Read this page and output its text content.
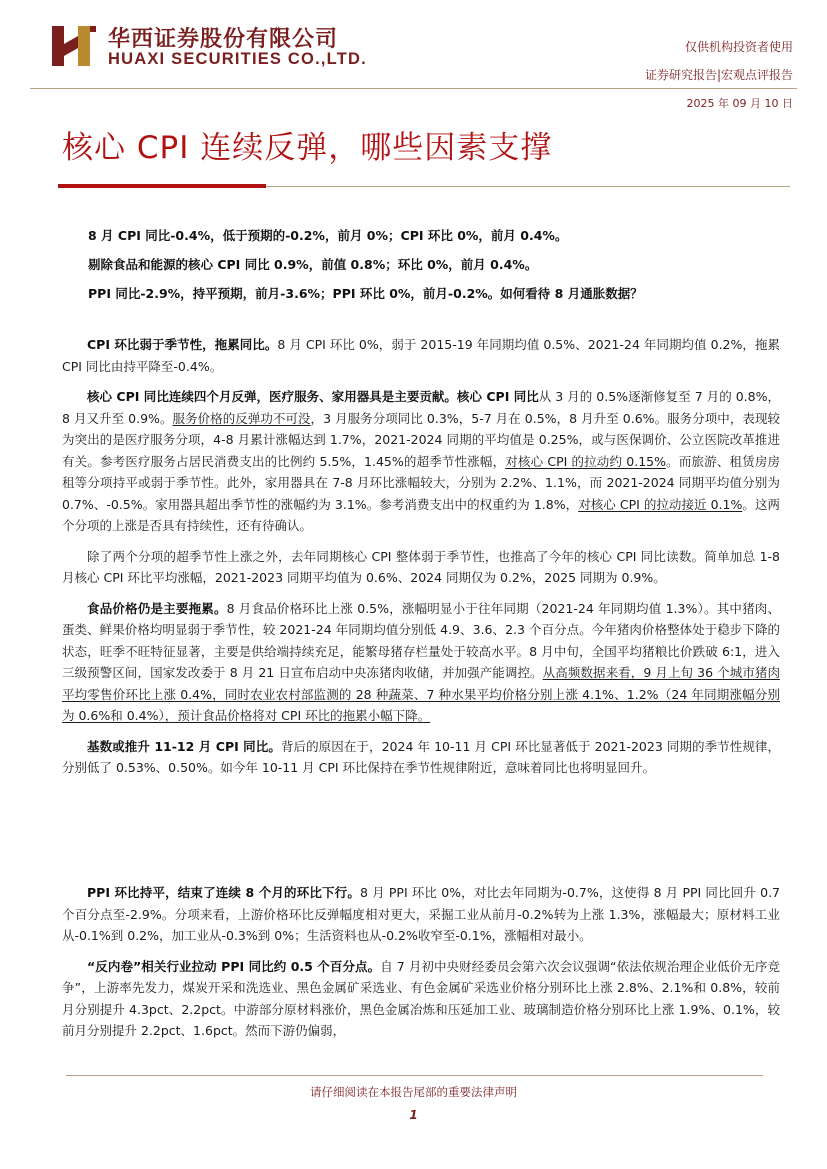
华西证券股份有限公司
HUAXI SECURITIES CO.,LTD.
仅供机构投资者使用
证券研究报告|宏观点评报告
2025 年 09 月 10 日
核心 CPI 连续反弹，哪些因素支撑
8 月 CPI 同比-0.4%，低于预期的-0.2%，前月 0%；CPI 环比 0%，前月 0.4%。
剔除食品和能源的核心 CPI 同比 0.9%，前值 0.8%；环比 0%，前月 0.4%。
PPI 同比-2.9%，持平预期，前月-3.6%；PPI 环比 0%，前月-0.2%。如何看待 8 月通胀数据？

CPI 环比弱于季节性，拖累同比。8 月 CPI 环比 0%，弱于 2015-19 年同期均值 0.5%、2021-24 年同期均值 0.2%，拖累 CPI 同比由持平降至-0.4%。

核心 CPI 同比连续四个月反弹，医疗服务、家用器具是主要贡献。核心 CPI 同比从 3 月的 0.5%逐渐修复至 7 月的 0.8%，8 月又升至 0.9%。服务价格的反弹功不可没，3 月服务分项同比 0.3%，5-7 月在 0.5%，8 月升至 0.6%。服务分项中，表现较为突出的是医疗服务分项，4-8 月累计涨幅达到 1.7%，2021-2024 同期的平均值是 0.25%，或与医保调价、公立医院改革推进有关。参考医疗服务占居民消费支出的比例约 5.5%，1.45%的超季节性涨幅，对核心 CPI 的拉动约 0.15%。而旅游、租赁房房租等分项持平或弱于季节性。此外，家用器具在 7-8 月环比涨幅较大，分别为 2.2%、1.1%，而 2021-2024 同期平均值分别为 0.7%、-0.5%。家用器具超出季节性的涨幅约为 3.1%。参考消费支出中的权重约为 1.8%，对核心 CPI 的拉动接近 0.1%。这两个分项的上涨是否具有持续性，还有待确认。

除了两个分项的超季节性上涨之外，去年同期核心 CPI 整体弱于季节性，也推高了今年的核心 CPI 同比读数。简单加总 1-8 月核心 CPI 环比平均涨幅，2021-2023 同期平均值为 0.6%、2024 同期仅为 0.2%，2025 同期为 0.9%。

食品价格仍是主要拖累。8 月食品价格环比上涨 0.5%，涨幅明显小于往年同期（2021-24 年同期均值 1.3%）。其中猪肉、蛋类、鲜果价格均明显弱于季节性，较 2021-24 年同期均值分别低 4.9、3.6、2.3 个百分点。今年猪肉价格整体处于稳步下降的状态，旺季不旺特征显著，主要是供给端持续充足，能繁母猪存栏量处于较高水平。8 月中旬，全国平均猪粮比价跌破 6:1，进入三级预警区间，国家发改委于 8 月 21 日宣布启动中央冻猪肉收储，并加强产能调控。从高频数据来看，9 月上旬 36 个城市猪肉平均零售价环比上涨 0.4%，同时农业农村部监测的 28 种蔬菜、7 种水果平均价格分别上涨 4.1%、1.2%（24 年同期涨幅分别为 0.6%和 0.4%），预计食品价格将对 CPI 环比的拖累小幅下降。

基数或推升 11-12 月 CPI 同比。背后的原因在于，2024 年 10-11 月 CPI 环比显著低于 2021-2023 同期的季节性规律，分别低了 0.53%、0.50%。如今年 10-11 月 CPI 环比保持在季节性规律附近，意味着同比也将明显回升。

PPI 环比持平，结束了连续 8 个月的环比下行。8 月 PPI 环比 0%，对比去年同期为-0.7%，这使得 8 月 PPI 同比回升 0.7 个百分点至-2.9%。分项来看，上游价格环比反弹幅度相对更大，采掘工业从前月-0.2%转为上涨 1.3%，涨幅最大；原材料工业从-0.1%到 0.2%，加工业从-0.3%到 0%；生活资料也从-0.2%收窄至-0.1%，涨幅相对最小。

“反内卷”相关行业拉动 PPI 同比约 0.5 个百分点。自 7 月初中央财经委员会第六次会议强调“依法依规治理企业低价无序竞争”，上游率先发力，煤炭开采和洗选业、黑色金属矿采选业、有色金属矿采选业价格分别环比上涨 2.8%、2.1%和 0.8%，较前月分别提升 4.3pct、2.2pct。中游部分原材料涨价，黑色金属冶炼和压延加工业、玻璃制造价格分别环比上涨 1.9%、0.1%，较前月分别提升 2.2pct、1.6pct。然而下游仍偏弱，

请仔细阅读在本报告尾部的重要法律声明
1
